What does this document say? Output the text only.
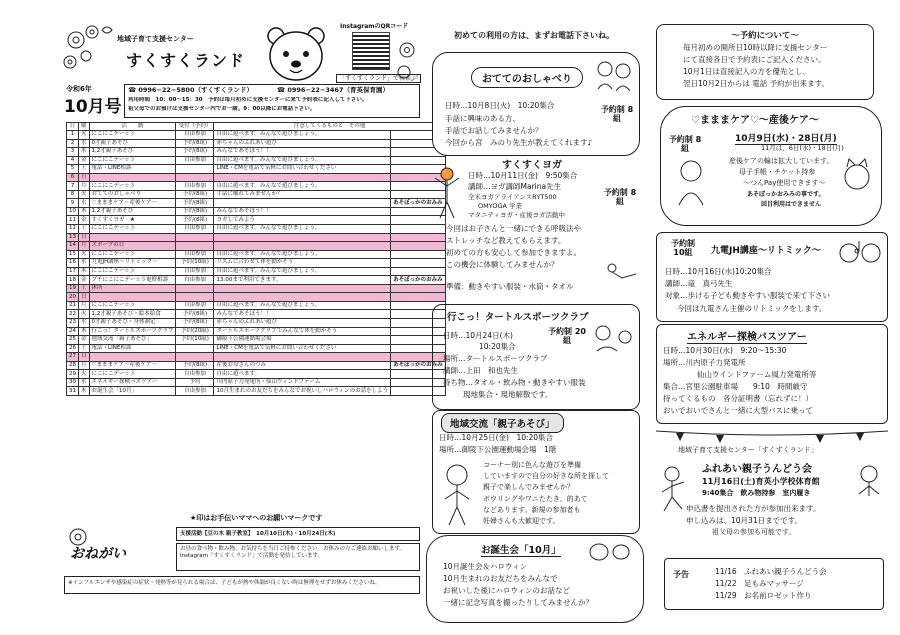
地域子育て支援センター
すくすくランド
InstagramのQRコード
「すくすくランド」で検索🔎
令和6年
10月号
☎ 0996−22−5800（すくすくランド）	☎ 0996−22−3467（育英保育園）
利用時間　10：00〜15：30　予約は毎月初めに支援センターに来て予約表に記入して下さい。
祖父母でのお預けは支援センター内でお一緒。9：00以降にお電話下さい。
日	曜	活　　動	受付（予約）	注意してくるものと　その他	
1	火	にこにこデー☆彡	自由参加	自由に遊べます。みんなで遊びましょう。	
2	水	0才親子あそび	予約(8組)	赤ちゃんのふれあい遊び	
3	木	1,2才親子あそび	予約(8組)	みんなであそぼう！！	
4	金	にこにこデー☆彡	自由参加	自由に遊べます。みんなで遊びましょう。	
5	土	電話・LINE相談		LINE・CMを電話で気軽にお問い合わせください	
6	日				
7	月	にこにこデー☆彡	自由参加	自由に遊べます。みんなで遊びましょう。	
8	火	おててのおしゃべり	予約(8組)	手話に触れてみませんか？	
9	水	♡まままケア〜産後ケア〜	予約(8組)		あそぼっかのおみみ
10	木	1,2才親子あそび	予約(8組)	みんなであそぼう！！	
11	金	すくすくヨガ　★	予約(8組)	ヨガしてみよう	
12	土	にこにこデー☆彡	自由参加	自由に遊べます。みんなで遊びましょう。	
13	日				
14	月	スポーツの日			
15	火	にこにこデー☆彡	自由参加	自由に遊べます。みんなで遊びましょう。	
16	水	九電JH講座〜リトミック〜	予約(10組)	リズムに合わせて体を動かそう	
17	木	にこにこデー☆彡	自由参加	自由に遊べます。みんなで遊びましょう。	
18	金	プチにこにこデー☆彡電燈相談	自由参加	13:00まで利用できます。	あそぼっかのおみみ
19	土	休所			
20	日				
21	月	にこにこデー☆彡	自由参加	自由に遊べます。みんなで遊びましょう。	
22	火	1,2才親子あそび・絵本給食	予約(8組)	みんなであそぼう！！	
23	水	0才親子あそび・身体測定	予約(8組)	赤ちゃんのふれあい遊び	
24	木	行こっ！タートルスポーツクラブ	予約(20組)	タートルスポーツクラブでみんなで体を動かそう	
25	金	地域交流「親子あそび」	予約(10組)	御陵下公園運動場会場	
26	土	電話・LINE相談		LINE・CMを電話で気軽にお問い合わせください	
27	日				
28	月	♡まままケア〜産後ケア〜	予約(8組)	産後お母さんのつみ	あそぼっかのおみみ
29	火	にこにこデー☆彡	自由参加	自由に遊べます。	
30	水	エネルギー探検バスツアー	予約	川内原子力発電所・仙山ウィンドファーム	
31	木	お誕生会「10月」	自由参加	10月生まれのお友だちをみんなでお祝いしハロウィンのお話をしよう	
★印はお手伝いママへのお願いマークです
おねがい
支援活動【豆の木 親子教室】　10月10日(木)・10月24日(木)
お昼の食べ物・飲み物、お気持ちを当日ご持参ください。お休みの方ご連絡お願いします。Instagram「すくすくランド」で活動を発信しています。
※インフルエンザや感染症の症状・発熱等が見られる場合は、子どもが熱や体調が良くない時は無理をせずお休みくださいね。
初めての利用の方は、まずお電話下さいね。
おててのおしゃべり
予約制 8組
日時…10月8日(火)　10:20集合
手話に興味のある方、
手話でお話してみませんか？
今回から宮　みのり先生が教えてくれます♪
すくすくヨガ
予約制 8組
日時…10月11日(金)　9:50集合
講師…ヨガ講師Marina先生
全米ヨガアライアンスRYT500
OMYOGA 学業
マタニティヨガ・産後ヨガ活動中
今回はお子さんと一緒にできる呼吸法や
ストレッチなど教えてもらえます。
初めての方も安心して参加できますよ。
この機会に体験してみませんか？
準備：動きやすい服装・水筒・タオル
行こっ！タートルスポーツクラブ
予約制 20組
日時…10月24日(木)
10:20集合
場所…タートルスポーツクラブ
講師…上田　和也先生
持ち物…タオル・飲み物・動きやすい服装
現地集合・現地解散です。
地域交流「親子あそび」
日時…10月25日(金)　10:20集合
場所…御陵下公園運動場会場　1階
コーナー別に色んな遊びを準備
していますので自分の好きな所を探して
親子で楽しんでみませんか？
ボウリングやワニたたき、的あて
などあります。新規の参加者も
妊婦さんも大歓迎です。
お誕生会「10月」
10月誕生会＆ハロウィン
10月生まれのお友だちをみんなで
お祝いした後にハロウィンのお話など
一緒に記念写真を撮ったりしてみませんか？
〜予約について〜
毎月初めの開所日10時以降に支援センター
にて直接各日で予約表にご記入ください。
10月1日は直接記入の方を優先とし、
翌日10月2日からは 電話 予約が出来ます。
♡まままケア♡〜産後ケア〜
予約制 8組
10月9日(水)・28日(月)
11月は、6日(水)・18日(月)
産後ケアの輪は拡大しています。
母子手帳・チケット持参
〜つんPay使用できます〜
あそぼっかおみみの事です。
回目利用はできません
予約制 10組	九電JH講座〜リトミック〜
日時…10月16日(水)10:20集合
講師…竜　真弓先生
対象…歩ける子ども動きやすい服装で来て下さい
今回は九電さん主催のリトミックをします。
エネルギー探検バスツアー
日時…10月30日(水)　9:20〜15:30
場所…川内原子力発電所
仙山ウインドファーム風力発電所等
集合…宮里公園駐車場　　9:10　時間厳守
持ってくるもの　各分証明書（忘れずに！）
おいでおいでさんと一緒に大型バスに乗って
地域子育て支援センター「すくすくランド」
ふれあい親子うんどう会
11月16日(土)育英小学校体育館
9:40集合　飲み物持参　室内履き
申込書を提出された方が参加出来ます。
申し込みは、10月31日までです。
祖父母の参加も可能です。
予告	11/16　ふれあい親子うんどう会
11/22　足もみマッサージ
11/29　お名前ロゼット作り
